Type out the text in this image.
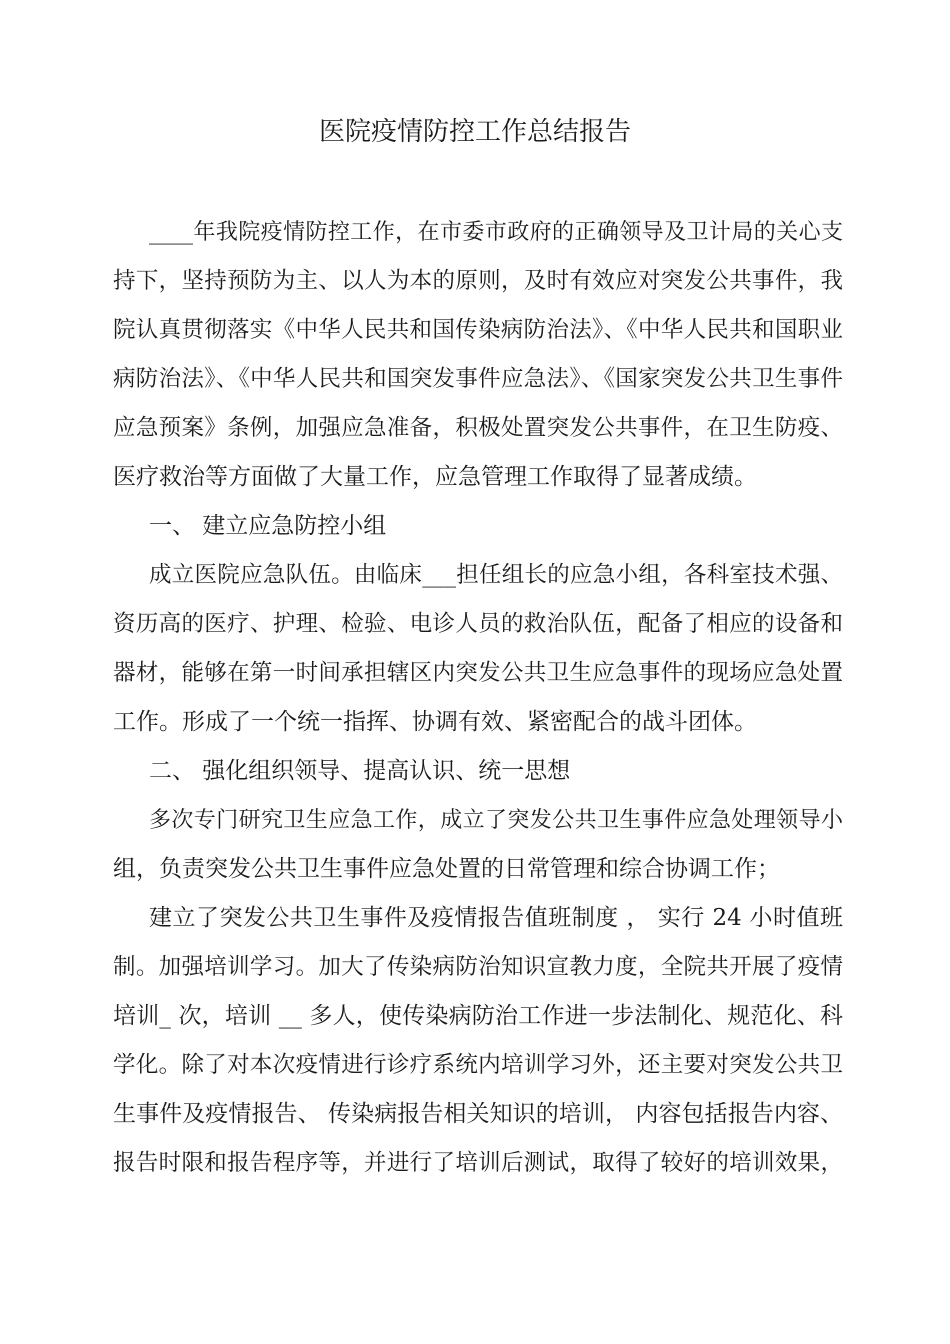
医院疫情防控工作总结报告
____年我院疫情防控工作，在市委市政府的正确领导及卫计局的关心支
持下，坚持预防为主、以人为本的原则，及时有效应对突发公共事件，我
院认真贯彻落实《中华人民共和国传染病防治法》、《中华人民共和国职业
病防治法》、《中华人民共和国突发事件应急法》、《国家突发公共卫生事件
应急预案》条例，加强应急准备，积极处置突发公共事件，在卫生防疫、
医疗救治等方面做了大量工作，应急管理工作取得了显著成绩。
一、 建立应急防控小组
成立医院应急队伍。由临床___担任组长的应急小组，各科室技术强、
资历高的医疗、护理、检验、电诊人员的救治队伍，配备了相应的设备和
器材，能够在第一时间承担辖区内突发公共卫生应急事件的现场应急处置
工作。形成了一个统一指挥、协调有效、紧密配合的战斗团体。
二、 强化组织领导、提高认识、统一思想
多次专门研究卫生应急工作，成立了突发公共卫生事件应急处理领导小
组，负责突发公共卫生事件应急处置的日常管理和综合协调工作；
建立了突发公共卫生事件及疫情报告值班制度 ， 实行 24 小时值班
制。加强培训学习。加大了传染病防治知识宣教力度，全院共开展了疫情
培训_ 次，培训 __ 多人，使传染病防治工作进一步法制化、规范化、科
学化。除了对本次疫情进行诊疗系统内培训学习外，还主要对突发公共卫
生事件及疫情报告、 传染病报告相关知识的培训， 内容包括报告内容、
报告时限和报告程序等，并进行了培训后测试，取得了较好的培训效果，
